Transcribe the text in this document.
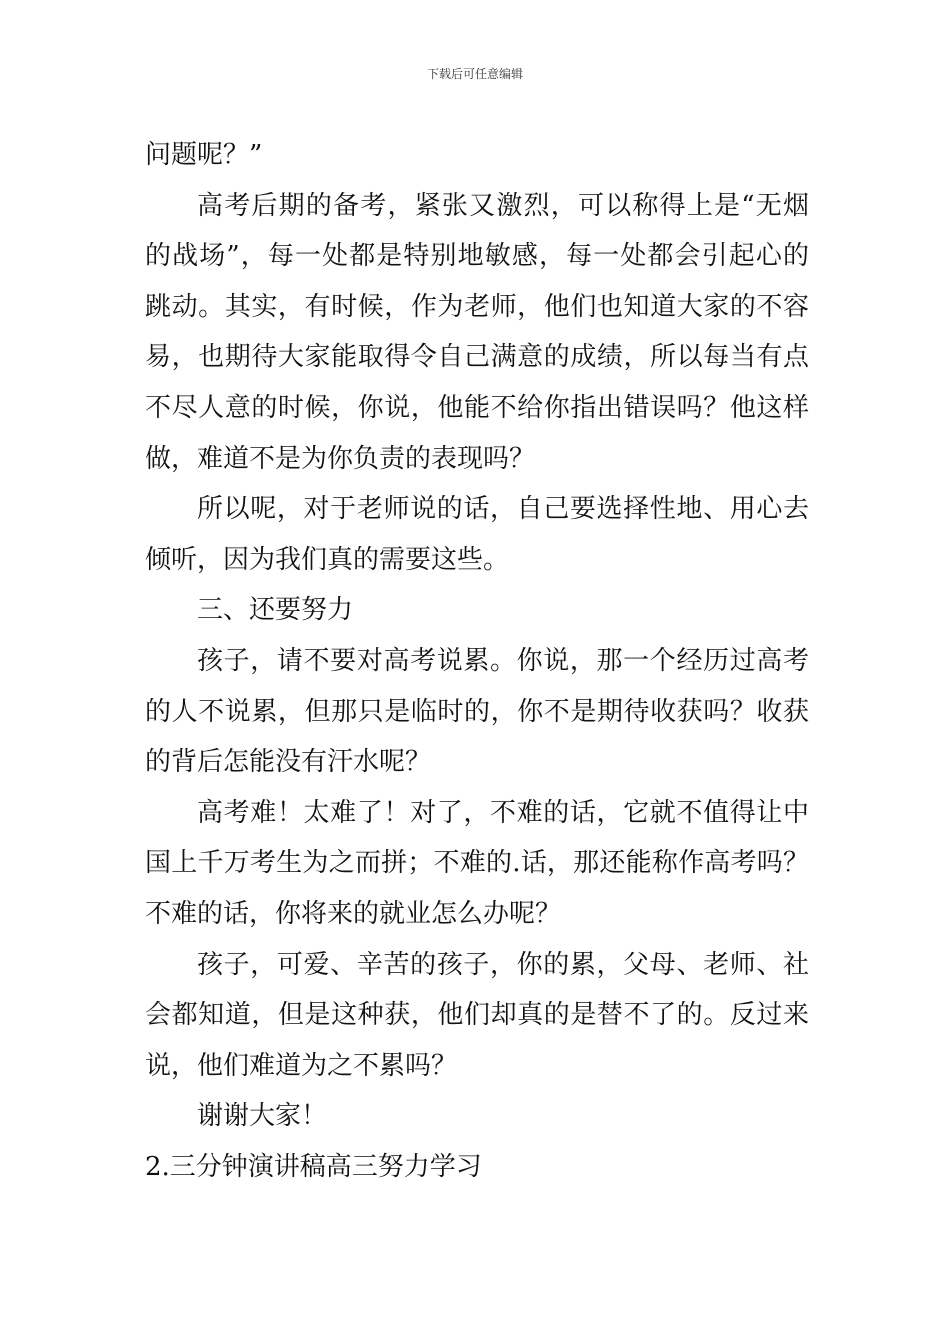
下载后可任意编辑
问题呢？”
高考后期的备考，紧张又激烈，可以称得上是“无烟
的战场”，每一处都是特别地敏感，每一处都会引起心的
跳动。其实，有时候，作为老师，他们也知道大家的不容
易，也期待大家能取得令自己满意的成绩，所以每当有点
不尽人意的时候，你说，他能不给你指出错误吗？他这样
做，难道不是为你负责的表现吗？
所以呢，对于老师说的话，自己要选择性地、用心去
倾听，因为我们真的需要这些。
三、还要努力
孩子，请不要对高考说累。你说，那一个经历过高考
的人不说累，但那只是临时的，你不是期待收获吗？收获
的背后怎能没有汗水呢？
高考难！太难了！对了，不难的话，它就不值得让中
国上千万考生为之而拼；不难的.话，那还能称作高考吗？
不难的话，你将来的就业怎么办呢？
孩子，可爱、辛苦的孩子，你的累，父母、老师、社
会都知道，但是这种获，他们却真的是替不了的。反过来
说，他们难道为之不累吗？
谢谢大家！
2.三分钟演讲稿高三努力学习
